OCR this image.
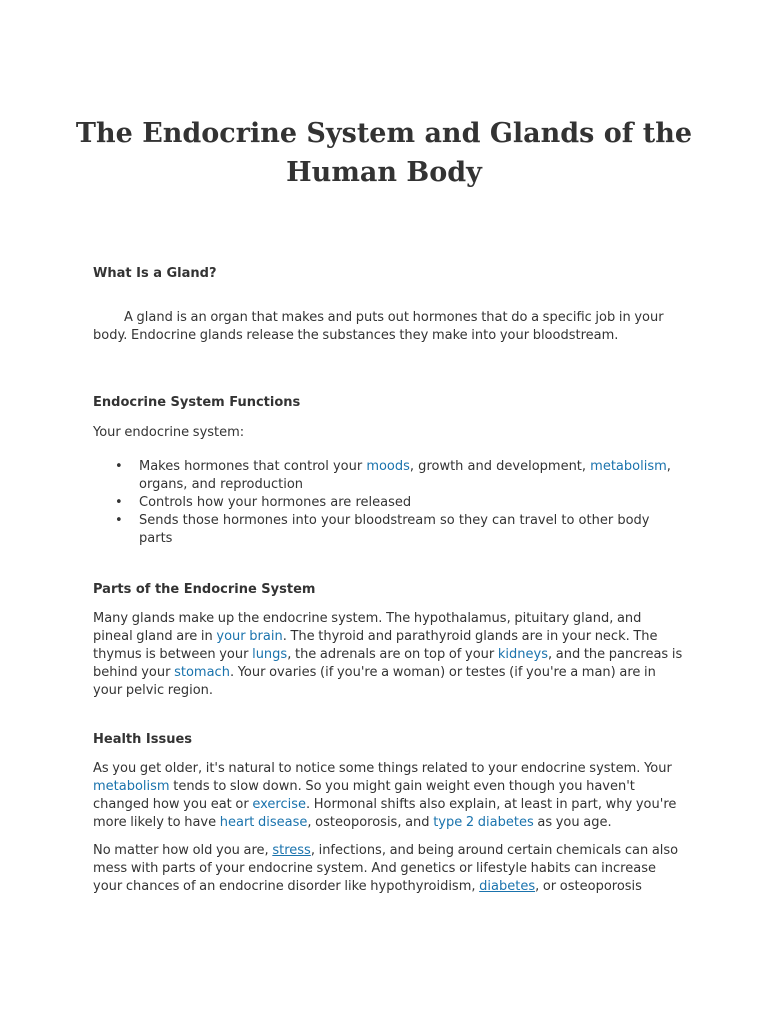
The Endocrine System and Glands of the Human Body
What Is a Gland?

A gland is an organ that makes and puts out hormones that do a specific job in your body. Endocrine glands release the substances they make into your bloodstream.

Endocrine System Functions

Your endocrine system:

• Makes hormones that control your moods, growth and development, metabolism, organs, and reproduction
• Controls how your hormones are released
• Sends those hormones into your bloodstream so they can travel to other body parts
Parts of the Endocrine System

Many glands make up the endocrine system. The hypothalamus, pituitary gland, and pineal gland are in your brain. The thyroid and parathyroid glands are in your neck. The thymus is between your lungs, the adrenals are on top of your kidneys, and the pancreas is behind your stomach. Your ovaries (if you're a woman) or testes (if you're a man) are in your pelvic region.

Health Issues

As you get older, it's natural to notice some things related to your endocrine system. Your metabolism tends to slow down. So you might gain weight even though you haven't changed how you eat or exercise. Hormonal shifts also explain, at least in part, why you're more likely to have heart disease, osteoporosis, and type 2 diabetes as you age.

No matter how old you are, stress, infections, and being around certain chemicals can also mess with parts of your endocrine system. And genetics or lifestyle habits can increase your chances of an endocrine disorder like hypothyroidism, diabetes, or osteoporosis
